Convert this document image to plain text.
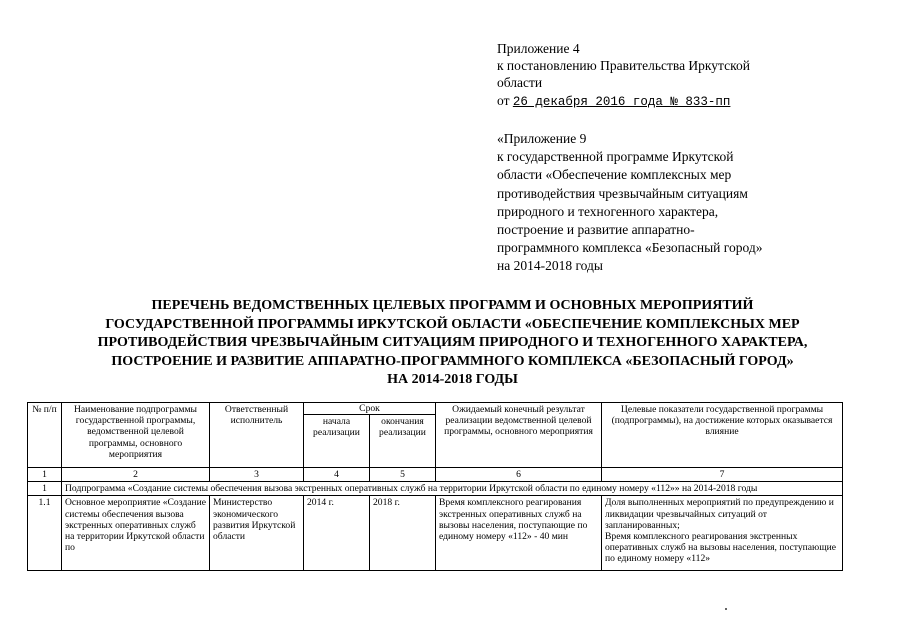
Приложение 4
к постановлению Правительства Иркутской
области
от 26 декабря 2016 года № 833-пп
«Приложение 9
к государственной программе Иркутской
области «Обеспечение комплексных мер
противодействия чрезвычайным ситуациям
природного и техногенного характера,
построение и развитие аппаратно-
программного комплекса «Безопасный город»
на 2014-2018 годы
ПЕРЕЧЕНЬ ВЕДОМСТВЕННЫХ ЦЕЛЕВЫХ ПРОГРАММ И ОСНОВНЫХ МЕРОПРИЯТИЙ
ГОСУДАРСТВЕННОЙ ПРОГРАММЫ ИРКУТСКОЙ ОБЛАСТИ «ОБЕСПЕЧЕНИЕ КОМПЛЕКСНЫХ МЕР
ПРОТИВОДЕЙСТВИЯ ЧРЕЗВЫЧАЙНЫМ СИТУАЦИЯМ ПРИРОДНОГО И ТЕХНОГЕННОГО ХАРАКТЕРА,
ПОСТРОЕНИЕ И РАЗВИТИЕ АППАРАТНО-ПРОГРАММНОГО КОМПЛЕКСА «БЕЗОПАСНЫЙ ГОРОД»
НА 2014-2018 ГОДЫ
№ п/п	Наименование подпрограммы государственной программы, ведомственной целевой программы, основного мероприятия	Ответственный исполнитель	Срок		Ожидаемый конечный результат реализации ведомственной целевой программы, основного мероприятия	Целевые показатели государственной программы (подпрограммы), на достижение которых оказывается влияние
			начала реализации	окончания реализации		
1	2	3	4	5	6	7
1	Подпрограмма «Создание системы обеспечения вызова экстренных оперативных служб на территории Иркутской области по единому номеру «112»» на 2014-2018 годы					
1.1	Основное мероприятие «Создание системы обеспечения вызова экстренных оперативных служб на территории Иркутской области по	Министерство экономического развития Иркутской области	2014 г.	2018 г.	Время комплексного реагирования экстренных оперативных служб на вызовы населения, поступающие по единому номеру «112» - 40 мин	Доля выполненных мероприятий по предупреждению и ликвидации чрезвычайных ситуаций от запланированных;
Время комплексного реагирования экстренных оперативных служб на вызовы населения, поступающие по единому номеру «112»
